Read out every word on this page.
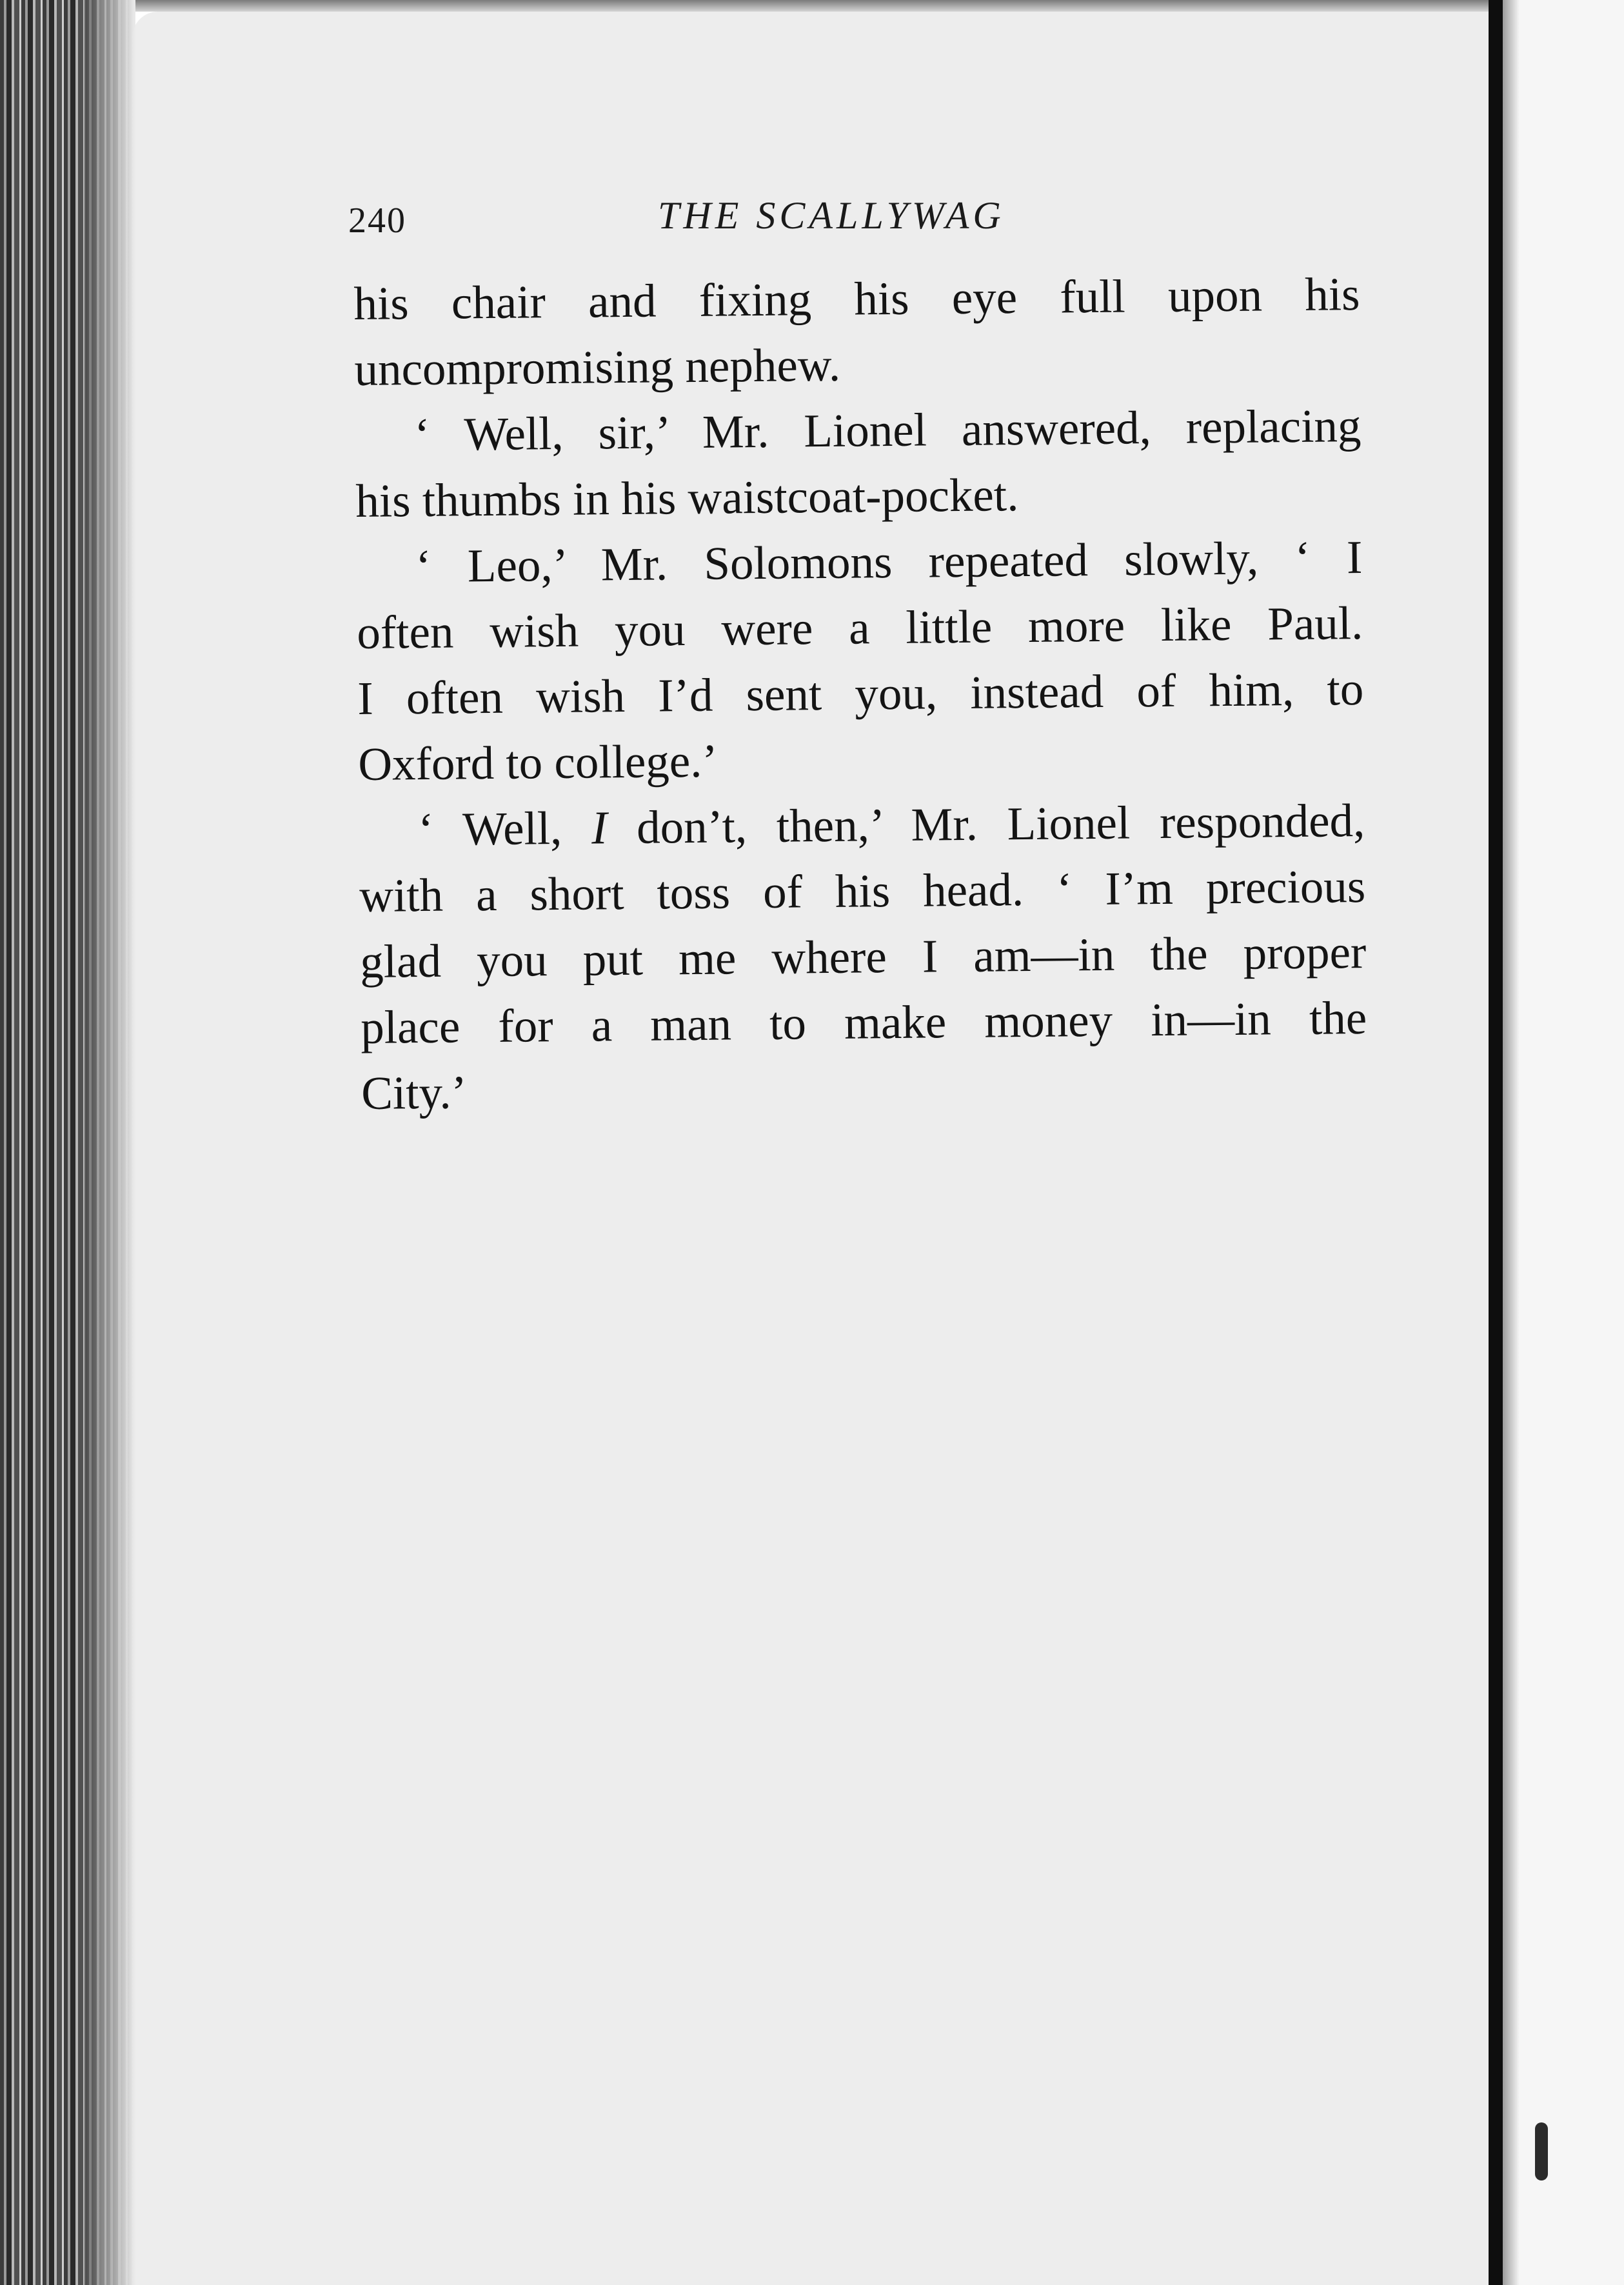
240	THE SCALLYWAG
his chair and fixing his eye full upon his
uncompromising nephew.
‘ Well, sir,’ Mr. Lionel answered, replacing
his thumbs in his waistcoat-pocket.
‘ Leo,’ Mr. Solomons repeated slowly, ‘ I
often wish you were a little more like Paul.
I often wish I’d sent you, instead of him, to
Oxford to college.’
‘ Well, I don’t, then,’ Mr. Lionel responded,
with a short toss of his head. ‘ I’m precious
glad you put me where I am—in the proper
place for a man to make money in—in the
City.’
